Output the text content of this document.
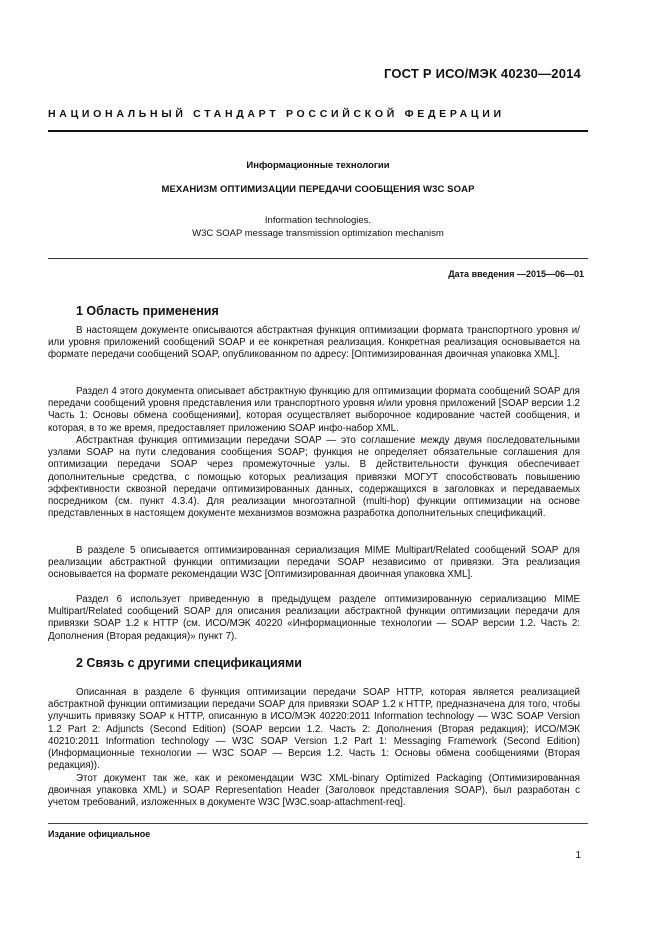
ГОСТ Р ИСО/МЭК 40230—2014
НАЦИОНАЛЬНЫЙ СТАНДАРТ РОССИЙСКОЙ ФЕДЕРАЦИИ
Информационные технологии
МЕХАНИЗМ ОПТИМИЗАЦИИ ПЕРЕДАЧИ СООБЩЕНИЯ W3C SOAP
Information technologies.
W3C SOAP message transmission optimization mechanism
Дата введения —2015—06—01
1 Область применения

В настоящем документе описываются абстрактная функция оптимизации формата транспортного уровня и/или уровня приложений сообщений SOAP и ее конкретная реализация. Конкретная реализация основывается на формате передачи сообщений SOAP, опубликованном по адресу: [Оптимизированная двоичная упаковка XML].

Раздел 4 этого документа описывает абстрактную функцию для оптимизации формата сообщений SOAP для передачи сообщений уровня представления или транспортного уровня и/или уровня приложений [SOAP версии 1.2 Часть 1: Основы обмена сообщениями], которая осуществляет выборочное кодирование частей сообщения, и которая, в то же время, предоставляет приложению SOAP инфо-набор XML.

Абстрактная функция оптимизации передачи SOAP — это соглашение между двумя последовательными узлами SOAP на пути следования сообщения SOAP; функция не определяет обязательные соглашения для оптимизации передачи SOAP через промежуточные узлы. В действительности функция обеспечивает дополнительные средства, с помощью которых реализация привязки МОГУТ способствовать повышению эффективности сквозной передачи оптимизированных данных, содержащихся в заголовках и передаваемых посредником (см. пункт 4.3.4). Для реализации многоэтапной (multi-hop) функции оптимизации на основе представленных в настоящем документе механизмов возможна разработка дополнительных спецификаций.

В разделе 5 описывается оптимизированная сериализация MIME Multipart/Related сообщений SOAP для реализации абстрактной функции оптимизации передачи SOAP независимо от привязки. Эта реализация основывается на формате рекомендации W3C [Оптимизированная двоичная упаковка XML].

Раздел 6 использует приведенную в предыдущем разделе оптимизированную сериализацию MIME Multipart/Related сообщений SOAP для описания реализации абстрактной функции оптимизации передачи для привязки SOAP 1.2 к HTTP (см. ИСО/МЭК 40220 «Информационные технологии — SOAP версии 1.2. Часть 2: Дополнения (Вторая редакция)» пункт 7).

2 Связь с другими спецификациями

Описанная в разделе 6 функция оптимизации передачи SOAP HTTP, которая является реализацией абстрактной функции оптимизации передачи SOAP для привязки SOAP 1.2 к HTTP, предназначена для того, чтобы улучшить привязку SOAP к HTTP, описанную в ИСО/МЭК 40220:2011 Information technology — W3C SOAP Version 1.2 Part 2: Adjuncts (Second Edition) (SOAP версии 1.2. Часть 2: Дополнения (Вторая редакция); ИСО/МЭК 40210:2011 Information technology — W3C SOAP Version 1.2 Part 1: Messaging Framework (Second Edition) (Информационные технологии — W3C SOAP — Версия 1.2. Часть 1: Основы обмена сообщениями (Вторая редакция)).

Этот документ так же, как и рекомендации W3C XML-binary Optimized Packaging (Оптимизированная двоичная упаковка XML) и SOAP Representation Header (Заголовок представления SOAP), был разработан с учетом требований, изложенных в документе W3C [W3C.soap-attachment-req].

Издание официальное
1
